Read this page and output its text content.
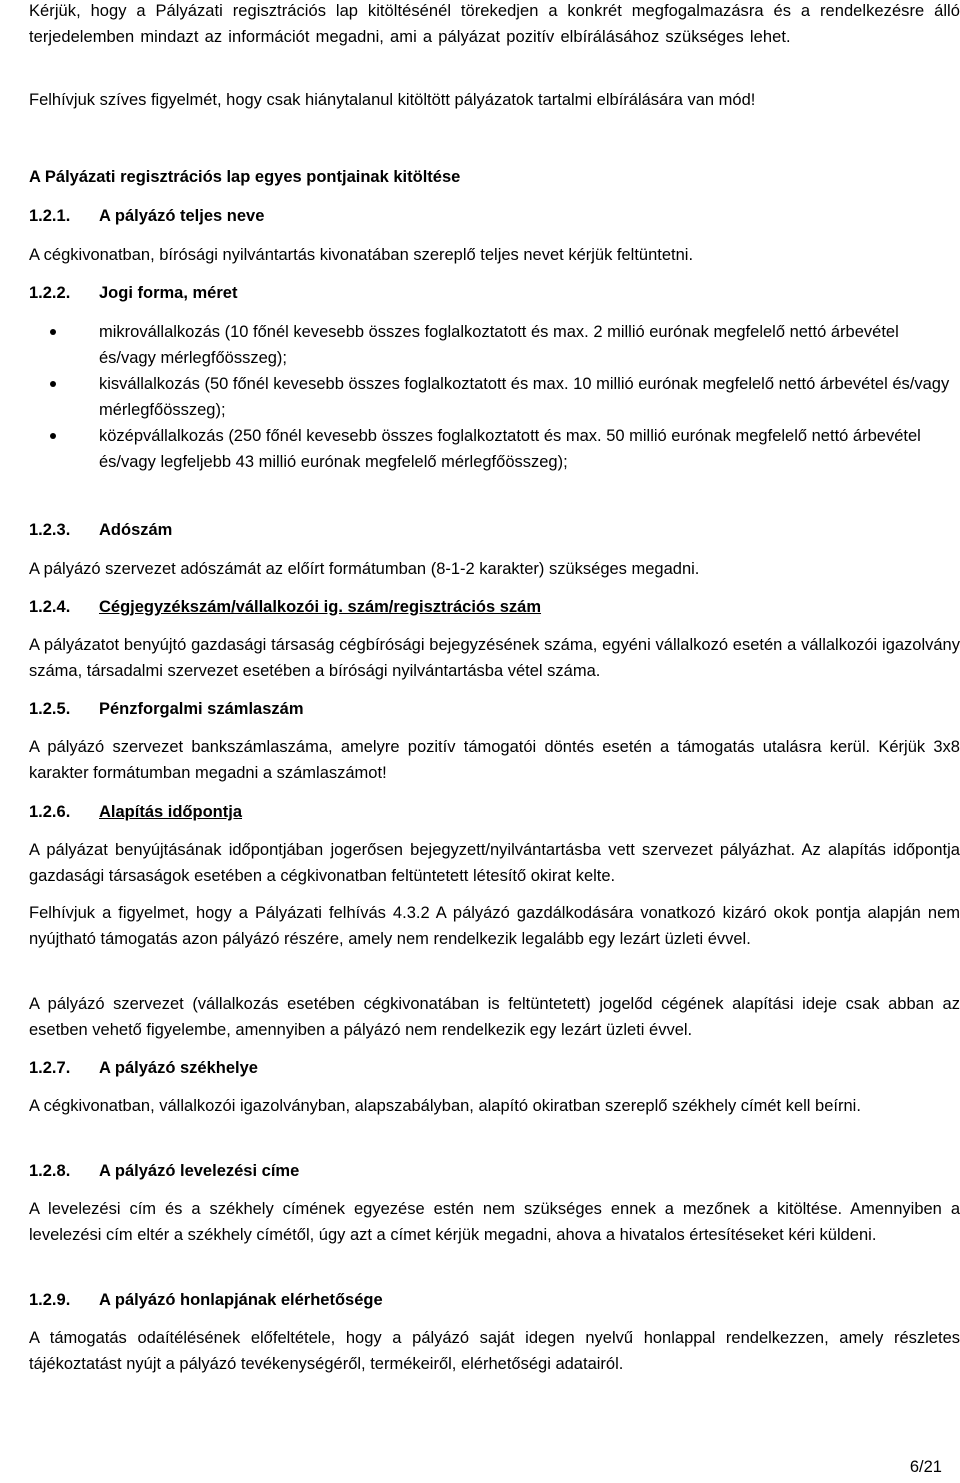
Kérjük, hogy a Pályázati regisztrációs lap kitöltésénél törekedjen a konkrét megfogalmazásra és a rendelkezésre álló terjedelemben mindazt az információt megadni, ami a pályázat pozitív elbírálásához szükséges lehet.

Felhívjuk szíves figyelmét, hogy csak hiánytalanul kitöltött pályázatok tartalmi elbírálására van mód!

A Pályázati regisztrációs lap egyes pontjainak kitöltése

1.2.1.	A pályázó teljes neve

A cégkivonatban, bírósági nyilvántartás kivonatában szereplő teljes nevet kérjük feltüntetni.

1.2.2.	Jogi forma, méret
mikrovállalkozás (10 főnél kevesebb összes foglalkoztatott és max. 2 millió eurónak megfelelő nettó árbevétel és/vagy mérlegfőösszeg);
kisvállalkozás (50 főnél kevesebb összes foglalkoztatott és max. 10 millió eurónak megfelelő nettó árbevétel és/vagy mérlegfőösszeg);
középvállalkozás (250 főnél kevesebb összes foglalkoztatott és max. 50 millió eurónak megfelelő nettó árbevétel és/vagy legfeljebb 43 millió eurónak megfelelő mérlegfőösszeg);
1.2.3.	Adószám

A pályázó szervezet adószámát az előírt formátumban (8-1-2 karakter) szükséges megadni.

1.2.4.	Cégjegyzékszám/vállalkozói ig. szám/regisztrációs szám

A pályázatot benyújtó gazdasági társaság cégbírósági bejegyzésének száma, egyéni vállalkozó esetén a vállalkozói igazolvány száma, társadalmi szervezet esetében a bírósági nyilvántartásba vétel száma.

1.2.5.	Pénzforgalmi számlaszám

A pályázó szervezet bankszámlaszáma, amelyre pozitív támogatói döntés esetén a támogatás utalásra kerül. Kérjük 3x8 karakter formátumban megadni a számlaszámot!

1.2.6.	Alapítás időpontja

A pályázat benyújtásának időpontjában jogerősen bejegyzett/nyilvántartásba vett szervezet pályázhat. Az alapítás időpontja gazdasági társaságok esetében a cégkivonatban feltüntetett létesítő okirat kelte.

Felhívjuk a figyelmet, hogy a Pályázati felhívás 4.3.2 A pályázó gazdálkodására vonatkozó kizáró okok pontja alapján nem nyújtható támogatás azon pályázó részére, amely nem rendelkezik legalább egy lezárt üzleti évvel.

A pályázó szervezet (vállalkozás esetében cégkivonatában is feltüntetett) jogelőd cégének alapítási ideje csak abban az esetben vehető figyelembe, amennyiben a pályázó nem rendelkezik egy lezárt üzleti évvel.

1.2.7.	A pályázó székhelye

A cégkivonatban, vállalkozói igazolványban, alapszabályban, alapító okiratban szereplő székhely címét kell beírni.

1.2.8.	A pályázó levelezési címe

A levelezési cím és a székhely címének egyezése estén nem szükséges ennek a mezőnek a kitöltése. Amennyiben a levelezési cím eltér a székhely címétől, úgy azt a címet kérjük megadni, ahova a hivatalos értesítéseket kéri küldeni.

1.2.9.	A pályázó honlapjának elérhetősége

A támogatás odaítélésének előfeltétele, hogy a pályázó saját idegen nyelvű honlappal rendelkezzen, amely részletes tájékoztatást nyújt a pályázó tevékenységéről, termékeiről, elérhetőségi adatairól.

6/21
